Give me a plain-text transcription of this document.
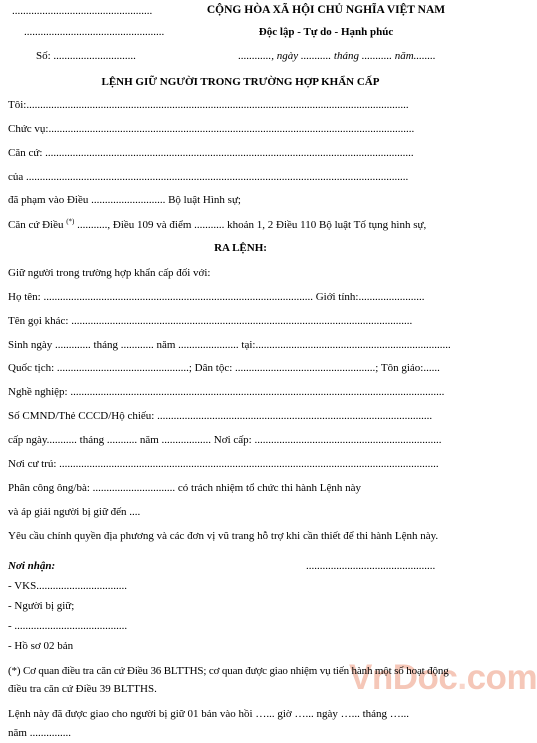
...................................................
...................................................
Số: ..............................
CỘNG HÒA XÃ HỘI CHỦ NGHĨA VIỆT NAM
Độc lập - Tự do - Hạnh phúc
............, ngày ........... tháng ........... năm........
LỆNH GIỮ NGƯỜI TRONG TRƯỜNG HỢP KHẨN CẤP
Tôi:...........................................................................................................................................
Chức vụ:.....................................................................................................................................
Căn cứ: ......................................................................................................................................
của ...........................................................................................................................................
đã phạm vào Điều ........................... Bộ luật Hình sự;
Căn cứ Điều (*) ..........., Điều 109 và điểm ........... khoản 1, 2 Điều 110 Bộ luật Tố tụng hình sự,
RA LỆNH:
Giữ người trong trường hợp khẩn cấp đối với:
Họ tên: .................................................................................................. Giới tính:........................
Tên gọi khác: ............................................................................................................................
Sinh ngày ............. tháng ............ năm ...................... tại:.......................................................................
Quốc tịch: ................................................; Dân tộc: ...................................................; Tôn giáo:......
Nghề nghiệp: ........................................................................................................................................
Số CMND/Thẻ CCCD/Hộ chiếu: ....................................................................................................
cấp ngày........... tháng ........... năm .................. Nơi cấp: ....................................................................
Nơi cư trú: ..........................................................................................................................................
Phân công ông/bà: .............................. có trách nhiệm tổ chức thi hành Lệnh này
và áp giải người bị giữ đến ....
Yêu cầu chính quyền địa phương và các đơn vị vũ trang hỗ trợ khi cần thiết để thi hành Lệnh này.
Nơi nhận:	...............................................
- VKS.................................
- Người bị giữ;
- .........................................
- Hồ sơ 02 bản
VnDoc.com
(*) Cơ quan điều tra căn cứ Điều 36 BLTTHS; cơ quan được giao nhiệm vụ tiến hành một số hoạt động
điều tra căn cứ Điều 39 BLTTHS.
Lệnh này đã được giao cho người bị giữ 01 bản vào hồi …... giờ …... ngày …... tháng …...
năm ...............
